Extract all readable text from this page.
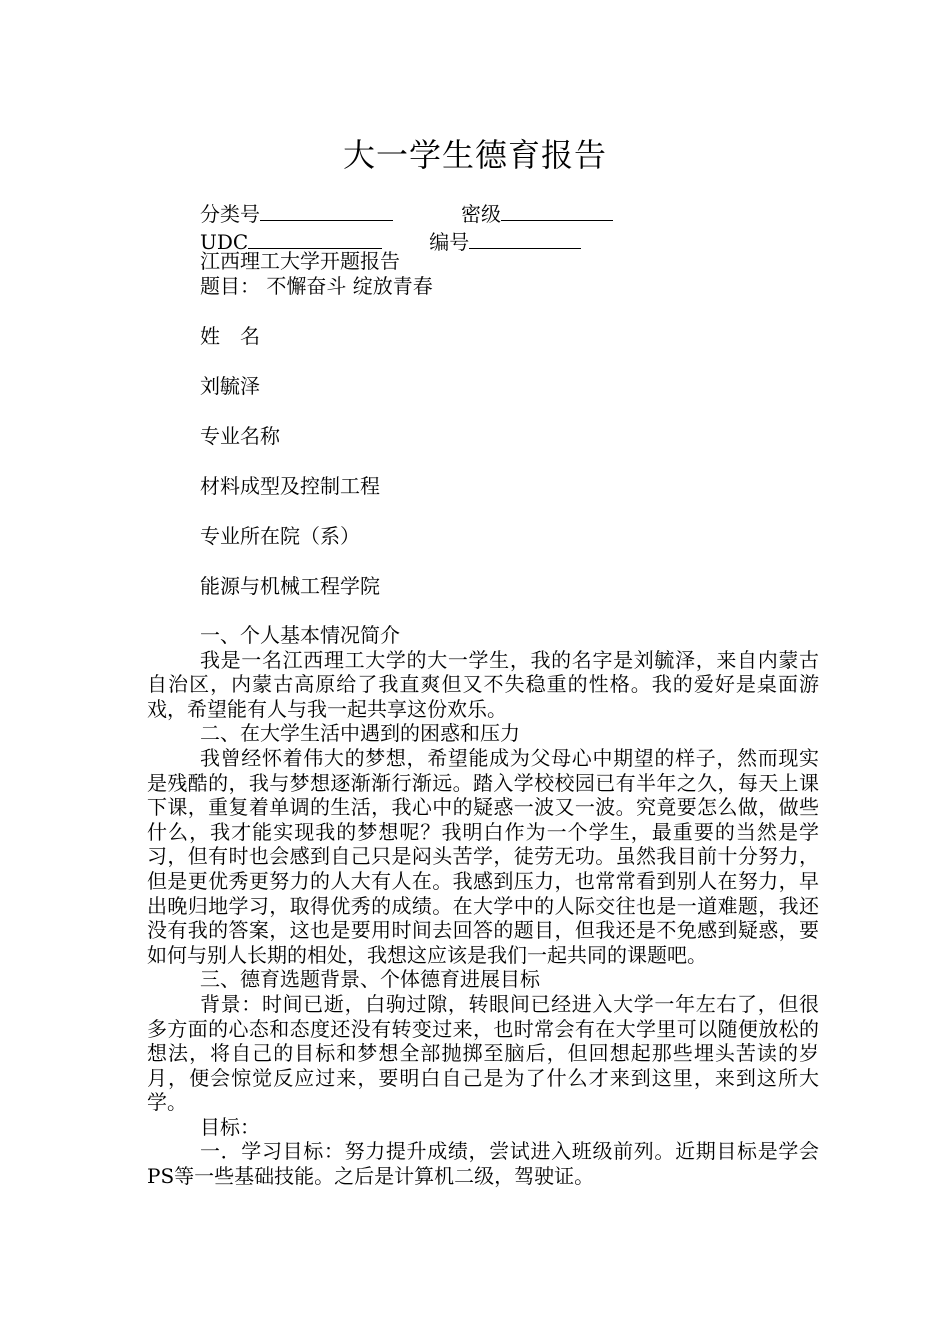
大一学生德育报告
分类号	密级
UDC	编号
江西理工大学开题报告
题目： 不懈奋斗 绽放青春
姓　名
刘毓泽
专业名称
材料成型及控制工程
专业所在院（系）
能源与机械工程学院

一、个人基本情况简介

我是一名江西理工大学的大一学生，我的名字是刘毓泽，来自内蒙古自治区，内蒙古高原给了我直爽但又不失稳重的性格。我的爱好是桌面游戏，希望能有人与我一起共享这份欢乐。

二、在大学生活中遇到的困惑和压力

我曾经怀着伟大的梦想，希望能成为父母心中期望的样子，然而现实是残酷的，我与梦想逐渐渐行渐远。踏入学校校园已有半年之久，每天上课下课，重复着单调的生活，我心中的疑惑一波又一波。究竟要怎么做，做些什么，我才能实现我的梦想呢？我明白作为一个学生，最重要的当然是学习，但有时也会感到自己只是闷头苦学，徒劳无功。虽然我目前十分努力，但是更优秀更努力的人大有人在。我感到压力，也常常看到别人在努力，早出晚归地学习，取得优秀的成绩。在大学中的人际交往也是一道难题，我还没有我的答案，这也是要用时间去回答的题目，但我还是不免感到疑惑，要如何与别人长期的相处，我想这应该是我们一起共同的课题吧。

三、德育选题背景、个体德育进展目标

背景：时间已逝，白驹过隙，转眼间已经进入大学一年左右了，但很多方面的心态和态度还没有转变过来，也时常会有在大学里可以随便放松的想法，将自己的目标和梦想全部抛掷至脑后，但回想起那些埋头苦读的岁月，便会惊觉反应过来，要明白自己是为了什么才来到这里，来到这所大学。

目标：

一．学习目标：努力提升成绩，尝试进入班级前列。近期目标是学会PS等一些基础技能。之后是计算机二级，驾驶证。
